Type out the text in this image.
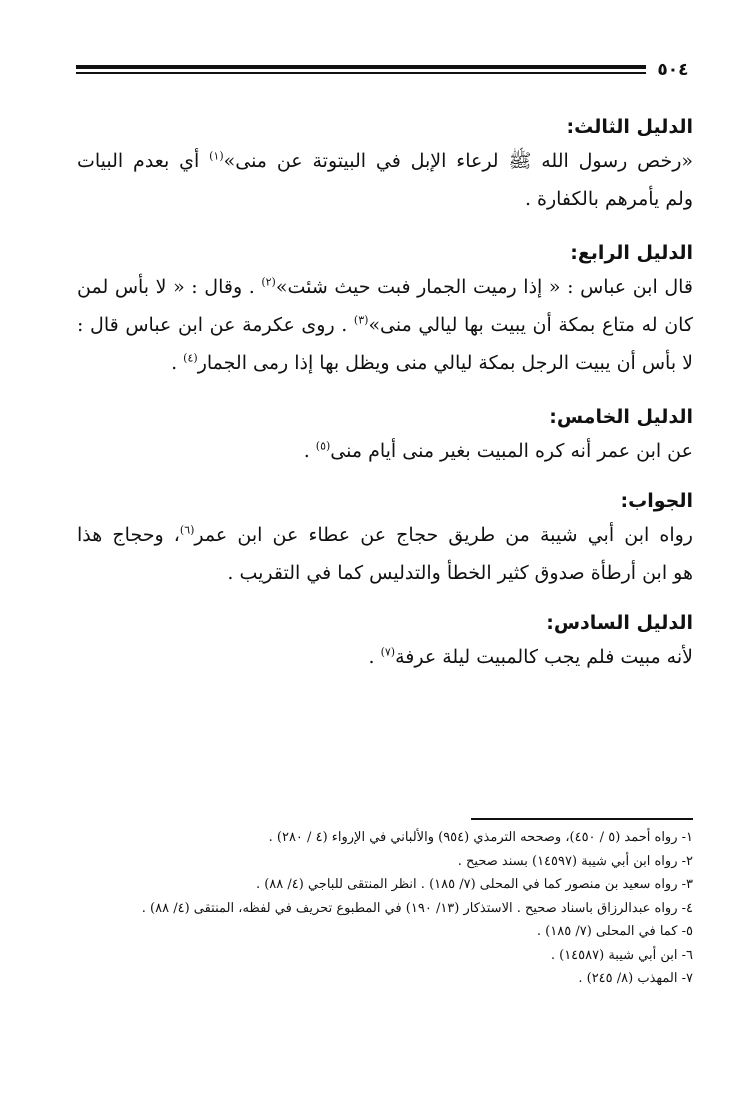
٥٠٤

الدليل الثالث:

«رخص رسول الله ﷺ لرعاء الإبل في البيتوتة عن منى»$^{(١)}$ أي بعدم البيات

ولم يأمرهم بالكفارة .

الدليل الرابع:

قال ابن عباس : « إذا رميت الجمار فبت حيث شئت»$^{(٢)}$ . وقال : « لا بأس لمن

كان له متاع بمكة أن يبيت بها ليالي منى»$^{(٣)}$ . روى عكرمة عن ابن عباس قال :

لا بأس أن يبيت الرجل بمكة ليالي منى ويظل بها إذا رمى الجمار$^{(٤)}$ .

الدليل الخامس:

عن ابن عمر أنه كره المبيت بغير منى أيام منى$^{(٥)}$ .

الجواب:

رواه ابن أبي شيبة من طريق حجاج عن عطاء عن ابن عمر$^{(٦)}$، وحجاج هذا

هو ابن أرطأة صدوق كثير الخطأ والتدليس كما في التقريب .

الدليل السادس:

لأنه مبيت فلم يجب كالمبيت ليلة عرفة$^{(٧)}$ .

١- رواه أحمد (٥ / ٤٥٠)، وصححه الترمذي (٩٥٤) والألباني في الإرواء (٤ / ٢٨٠) .

٢- رواه ابن أبي شيبة (١٤٥٩٧) بسند صحيح .

٣- رواه سعيد بن منصور كما في المحلى (٧/ ١٨٥) . انظر المنتقى للباجي (٤/ ٨٨) .

٤- رواه عبدالرزاق باسناد صحيح . الاستذكار (١٣/ ١٩٠) في المطبوع تحريف في لفظه، المنتقى (٤/ ٨٨) .

٥- كما في المحلى (٧/ ١٨٥) .

٦- ابن أبي شيبة (١٤٥٨٧) .

٧- المهذب (٨/ ٢٤٥) .
